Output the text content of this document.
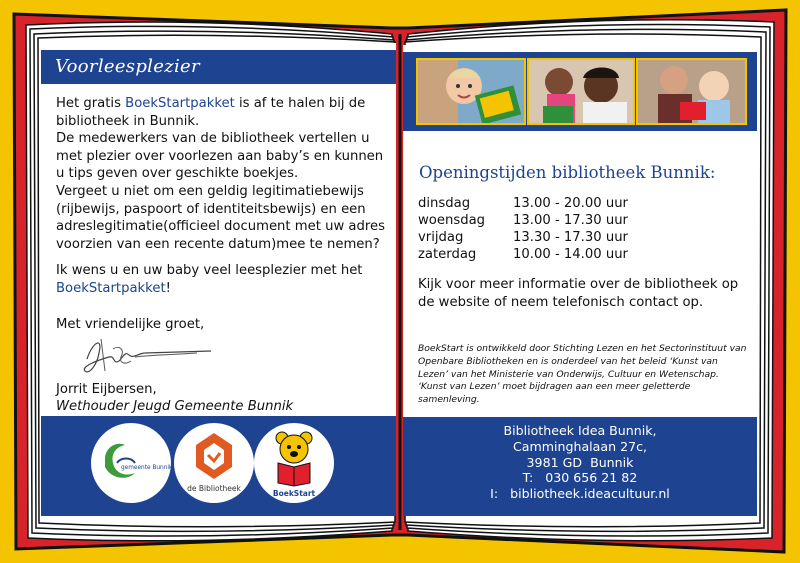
Voorleesplezier

Het gratis BoekStartpakket is af te halen bij de bibliotheek in Bunnik.

De medewerkers van de bibliotheek vertellen u met plezier over voorlezen aan baby’s en kunnen u tips geven over geschikte boekjes.

Vergeet u niet om een geldig legitimatiebewijs (rijbewijs, paspoort of identiteitsbewijs) en een adreslegitimatie(officieel document met uw adres voorzien van een recente datum)mee te nemen?

Ik wens u en uw baby veel leesplezier met het BoekStartpakket!

Met vriendelijke groet,

Jorrit Eijbersen,
Wethouder Jeugd Gemeente Bunnik
gemeente Bunnik
de Bibliotheek
BoekStart
Openingstijden bibliotheek Bunnik:
dinsdag	13.00 - 20.00 uur
woensdag	13.00 - 17.30 uur
vrijdag	13.30 - 17.30 uur
zaterdag	10.00 - 14.00 uur
Kijk voor meer informatie over de bibliotheek op de website of neem telefonisch contact op.
BoekStart is ontwikkeld door Stichting Lezen en het Sectorinstituut van Openbare Bibliotheken en is onderdeel van het beleid ‘Kunst van Lezen’ van het Ministerie van Onderwijs, Cultuur en Wetenschap. ‘Kunst van Lezen’ moet bijdragen aan een meer geletterde samenleving.
Bibliotheek Idea Bunnik,
Camminghalaan 27c,
3981 GD  Bunnik
T:   030 656 21 82
I:   bibliotheek.ideacultuur.nl
